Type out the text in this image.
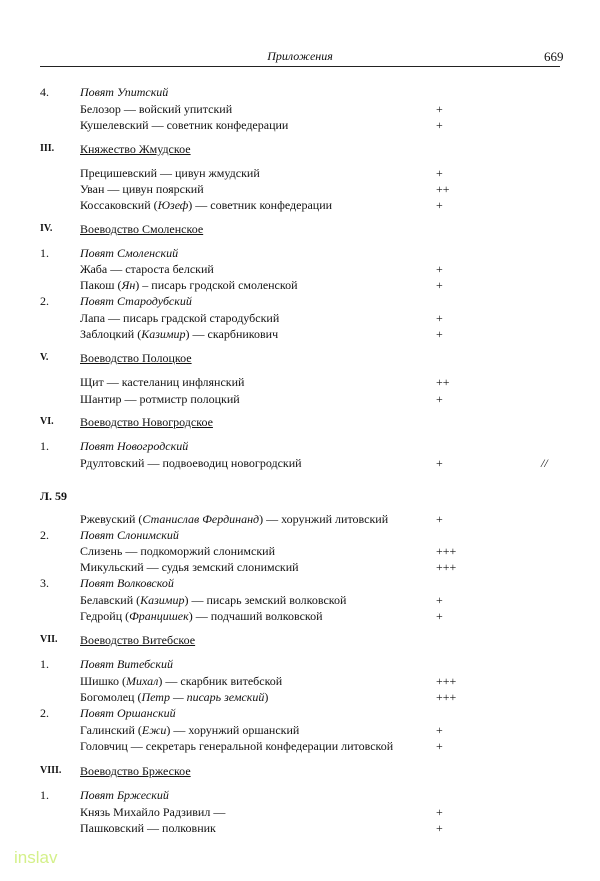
Приложения	669
4.	Повят Упитский
Белозор — войский упитский	+
Кушелевский — советник конфедерации	+
III. Княжество Жмудское
Прецишевский — цивун жмудский	+
Уван — цивун поярский	++
Коссаковский (Юзеф) — советник конфедерации	+
IV. Воеводство Смоленское
1.	Повят Смоленский
Жаба — староста белский	+
Пакош (Ян) – писарь гродской смоленской	+
2.	Повят Стародубский
Лапа — писарь градской стародубский	+
Заблоцкий (Казимир) — скарбникович	+
V.	Воеводство Полоцкое
Щит — кастеланиц инфлянский	++
Шантир — ротмистр полоцкий	+
VI. Воеводство Новогродское
1.	Повят Новогродский
Рдултовский — подвоеводиц новогродский	+	//
Л. 59
Ржевуский (Станислав Фердинанд) — хорунжий литовский	+
2.	Повят Слонимский
Слизень — подкоморжий слонимский	+++
Микульский — судья земский слонимский	+++
3.	Повят Волковской
Белавский (Казимир) — писарь земский волковской	+
Гедройц (Францишек) — подчаший волковской	+
VII. Воеводство Витебское
1.	Повят Витебский
Шишко (Михал) — скарбник витебской	+++
Богомолец (Петр — писарь земский)	+++
2.	Повят Оршанский
Галинский (Ежи) — хорунжий оршанский	+
Головчиц — секретарь генеральной конфедерации литовской	+
VIII. Воеводство Бржеское
1.	Повят Бржеский
Князь Михайло Радзивил —	+
Пашковский — полковник	+
inslav
